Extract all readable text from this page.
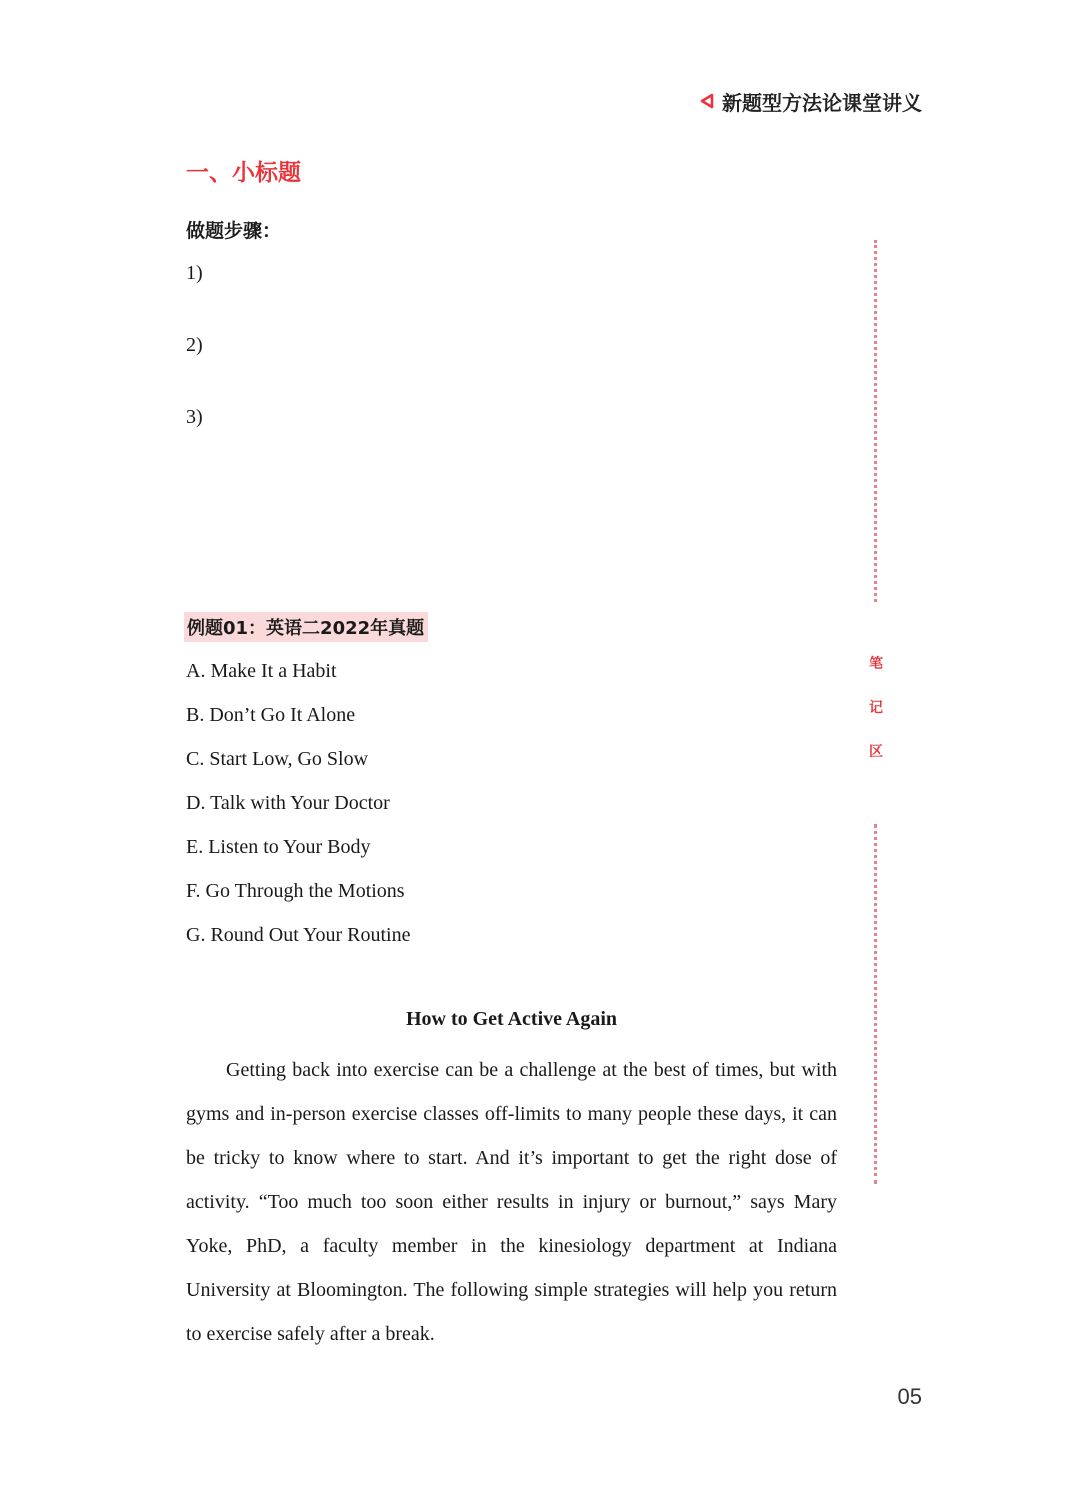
新题型方法论课堂讲义
一、小标题
做题步骤：
1)
2)
3)
例题01：英语二2022年真题
A. Make It a Habit
B. Don’t Go It Alone
C. Start Low, Go Slow
D. Talk with Your Doctor
E. Listen to Your Body
F. Go Through the Motions
G. Round Out Your Routine
How to Get Active Again

Getting back into exercise can be a challenge at the best of times, but with gyms and in-person exercise classes off-limits to many people these days, it can be tricky to know where to start. And it’s important to get the right dose of activity. “Too much too soon either results in injury or burnout,” says Mary Yoke, PhD, a faculty member in the kinesiology department at Indiana University at Bloomington. The following simple strategies will help you return to exercise safely after a break.

笔
记
区
05
